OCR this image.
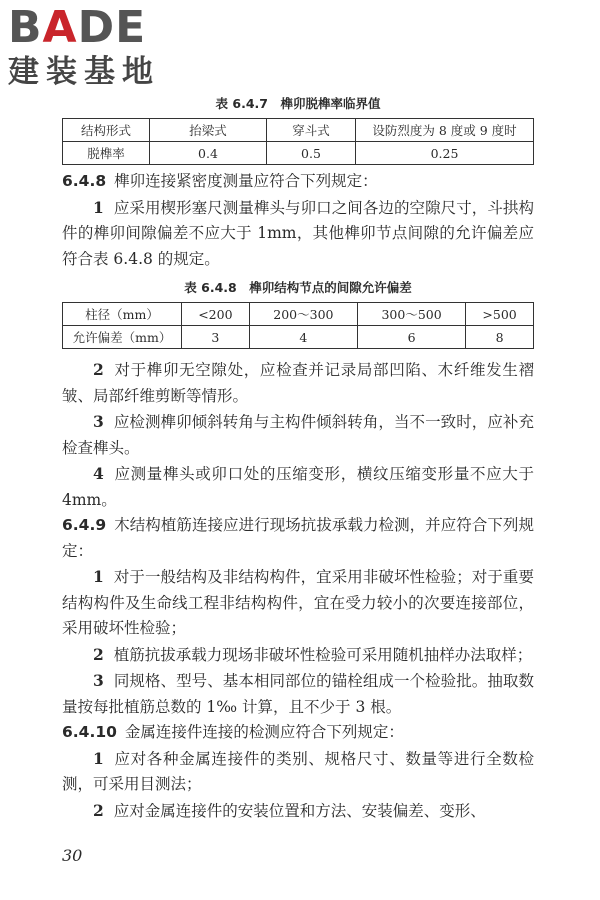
BADE
建装基地
表 6.4.7　榫卯脱榫率临界值
结构形式	抬梁式	穿斗式	设防烈度为 8 度或 9 度时
脱榫率	0.4	0.5	0.25

6.4.8 榫卯连接紧密度测量应符合下列规定：

1 应采用楔形塞尺测量榫头与卯口之间各边的空隙尺寸，斗拱构件的榫卯间隙偏差不应大于 1mm，其他榫卯节点间隙的允许偏差应符合表 6.4.8 的规定。

表 6.4.8　榫卯结构节点的间隙允许偏差
柱径（mm）	<200	200～300	300～500	>500
允许偏差（mm）	3	4	6	8

2 对于榫卯无空隙处，应检查并记录局部凹陷、木纤维发生褶皱、局部纤维剪断等情形。

3 应检测榫卯倾斜转角与主构件倾斜转角，当不一致时，应补充检查榫头。

4 应测量榫头或卯口处的压缩变形，横纹压缩变形量不应大于 4mm。

6.4.9 木结构植筋连接应进行现场抗拔承载力检测，并应符合下列规定：

1 对于一般结构及非结构构件，宜采用非破坏性检验；对于重要结构构件及生命线工程非结构构件，宜在受力较小的次要连接部位，采用破坏性检验；

2 植筋抗拔承载力现场非破坏性检验可采用随机抽样办法取样；

3 同规格、型号、基本相同部位的锚栓组成一个检验批。抽取数量按每批植筋总数的 1‰ 计算，且不少于 3 根。

6.4.10 金属连接件连接的检测应符合下列规定：

1 应对各种金属连接件的类别、规格尺寸、数量等进行全数检测，可采用目测法；

2 应对金属连接件的安装位置和方法、安装偏差、变形、

30
